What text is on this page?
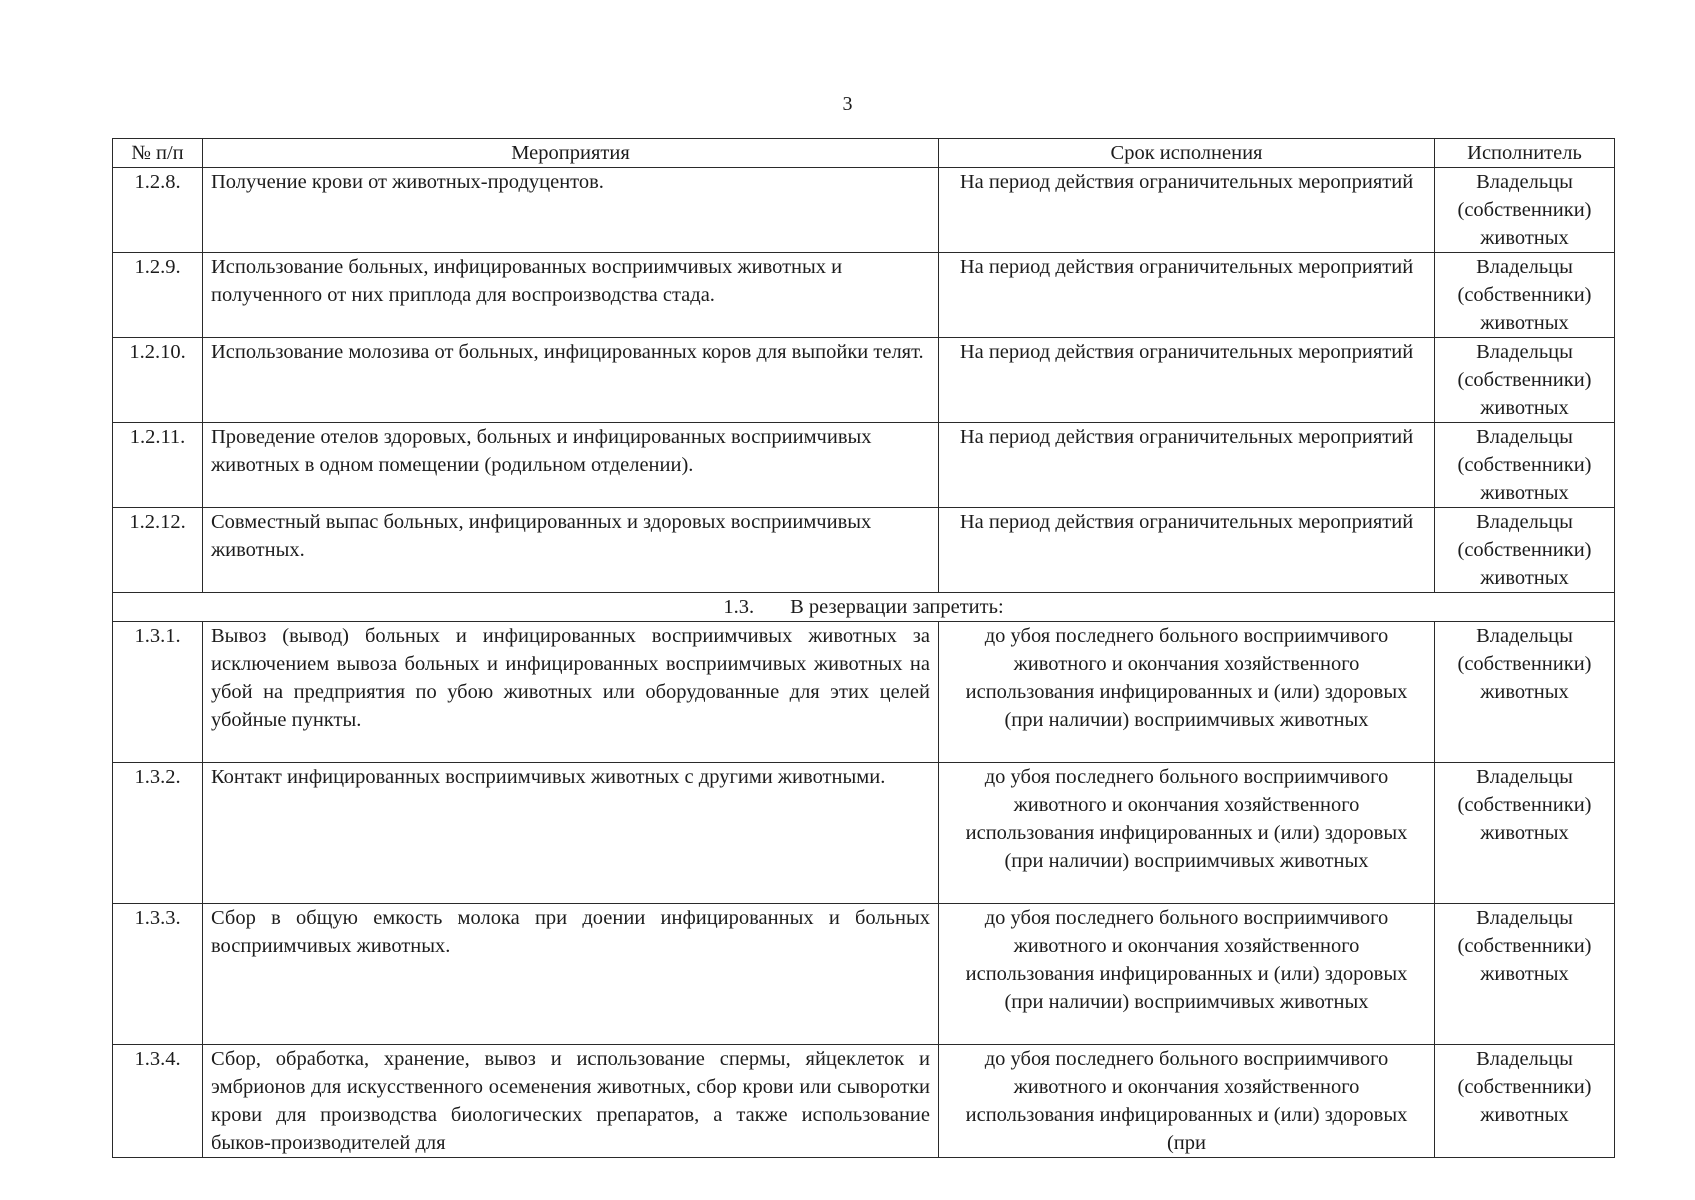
3
№ п/п	Мероприятия	Срок исполнения	Исполнитель
1.2.8.	Получение крови от животных-продуцентов.	На период действия ограничительных мероприятий	Владельцы (собственники) животных
1.2.9.	Использование больных, инфицированных восприимчивых животных и полученного от них приплода для воспроизводства стада.	На период действия ограничительных мероприятий	Владельцы (собственники) животных
1.2.10.	Использование молозива от больных, инфицированных коров для выпойки телят.	На период действия ограничительных мероприятий	Владельцы (собственники) животных
1.2.11.	Проведение отелов здоровых, больных и инфицированных восприимчивых животных в одном помещении (родильном отделении).	На период действия ограничительных мероприятий	Владельцы (собственники) животных
1.2.12.	Совместный выпас больных, инфицированных и здоровых восприимчивых животных.	На период действия ограничительных мероприятий	Владельцы (собственники) животных
1.3. В резервации запретить:			
1.3.1.	Вывоз (вывод) больных и инфицированных восприимчивых животных за исключением вывоза больных и инфицированных восприимчивых животных на убой на предприятия по убою животных или оборудованные для этих целей убойные пункты.	до убоя последнего больного восприимчивого животного и окончания хозяйственного использования инфицированных и (или) здоровых (при наличии) восприимчивых животных	Владельцы (собственники) животных
1.3.2.	Контакт инфицированных восприимчивых животных с другими животными.	до убоя последнего больного восприимчивого животного и окончания хозяйственного использования инфицированных и (или) здоровых (при наличии) восприимчивых животных	Владельцы (собственники) животных
1.3.3.	Сбор в общую емкость молока при доении инфицированных и больных восприимчивых животных.	до убоя последнего больного восприимчивого животного и окончания хозяйственного использования инфицированных и (или) здоровых (при наличии) восприимчивых животных	Владельцы (собственники) животных
1.3.4.	Сбор, обработка, хранение, вывоз и использование спермы, яйцеклеток и эмбрионов для искусственного осеменения животных, сбор крови или сыворотки крови для производства биологических препаратов, а также использование быков-производителей для	до убоя последнего больного восприимчивого животного и окончания хозяйственного использования инфицированных и (или) здоровых (при	Владельцы (собственники) животных
